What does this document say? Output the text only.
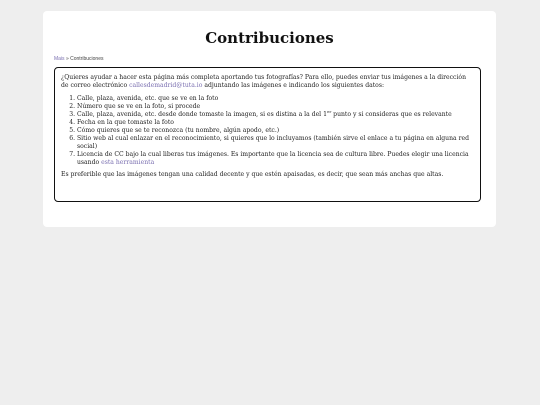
Contribuciones
Mais » Contribuciones

¿Quieres ayudar a hacer esta página más completa aportando tus fotografías? Para ello, puedes enviar tus imágenes a la dirección de correo electrónico callesdemadrid@tuta.io adjuntando las imágenes e indicando los siguientes datos:

1. Calle, plaza, avenida, etc. que se ve en la foto
2. Número que se ve en la foto, si procede
3. Calle, plaza, avenida, etc. desde donde tomaste la imagen, si es distina a la del 1er punto y si consideras que es relevante
4. Fecha en la que tomaste la foto
5. Cómo quieres que se te reconozca (tu nombre, algún apodo, etc.)
6. Sitio web al cual enlazar en el reconocimiento, si quieres que lo incluyamos (también sirve el enlace a tu página en alguna red social)
7. Licencia de CC bajo la cual liberas tus imágenes. Es importante que la licencia sea de cultura libre. Puedes elegir una licencia usando esta herramienta

Es preferible que las imágenes tengan una calidad decente y que estén apaisadas, es decir, que sean más anchas que altas.
